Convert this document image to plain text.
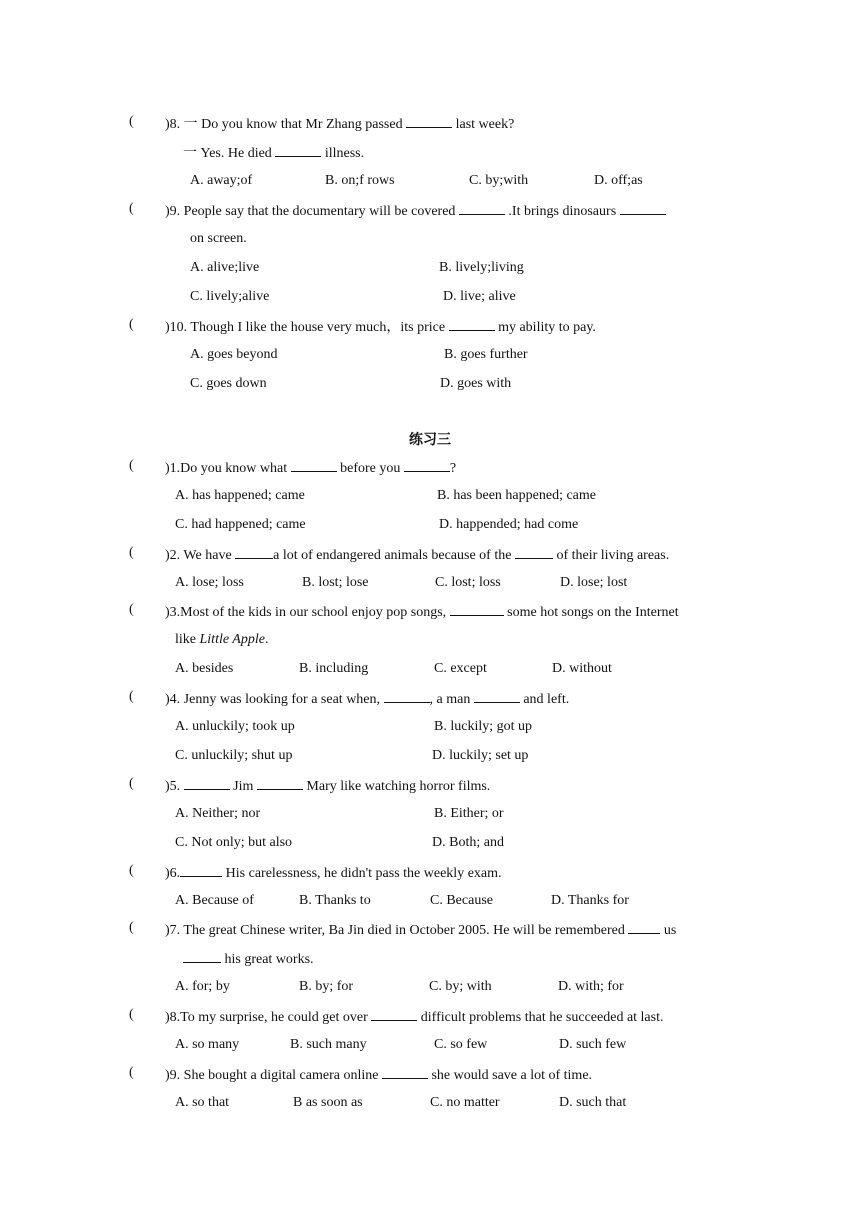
( )8. 一 Do you know that Mr Zhang passed	last week?
一 Yes. He died	illness.
A. away;of	B. on;f rows	C. by;with	D. off;as
( )9. People say that the documentary will be covered	.It brings dinosaurs
on screen.
A. alive;live	B. lively;living
C. lively;alive	D. live; alive
( )10. Though I like the house very much，its price	my ability to pay.
A. goes beyond	B. goes further
C. goes down	D. goes with
练习三
( )1.Do you know what	before you	?
A. has happened; came	B. has been happened; came
C. had happened; came	D. happended; had come
( )2. We have	a lot of endangered animals because of the	of their living areas.
A. lose; loss	B. lost; lose	C. lost; loss	D. lose; lost
( )3.Most of the kids in our school enjoy pop songs,	some hot songs on the Internet
like Little Apple.
A. besides	B. including	C. except	D. without
( )4. Jenny was looking for a seat when,	, a man	and left.
A. unluckily; took up	B. luckily; got up
C. unluckily; shut up	D. luckily; set up
( )5.	Jim	Mary like watching horror films.
A. Neither; nor	B. Either; or
C. Not only; but also	D. Both; and
( )6.	His carelessness, he didn't pass the weekly exam.
A. Because of	B. Thanks to	C. Because	D. Thanks for
( )7. The great Chinese writer, Ba Jin died in October 2005. He will be remembered  us
his great works.
A. for; by	B. by; for	C. by; with	D. with; for
( )8.To my surprise, he could get over	difficult problems that he succeeded at last.
A. so many	B. such many	C. so few	D. such few
( )9. She bought a digital camera online	she would save a lot of time.
A. so that	B as soon as	C. no matter	D. such that
